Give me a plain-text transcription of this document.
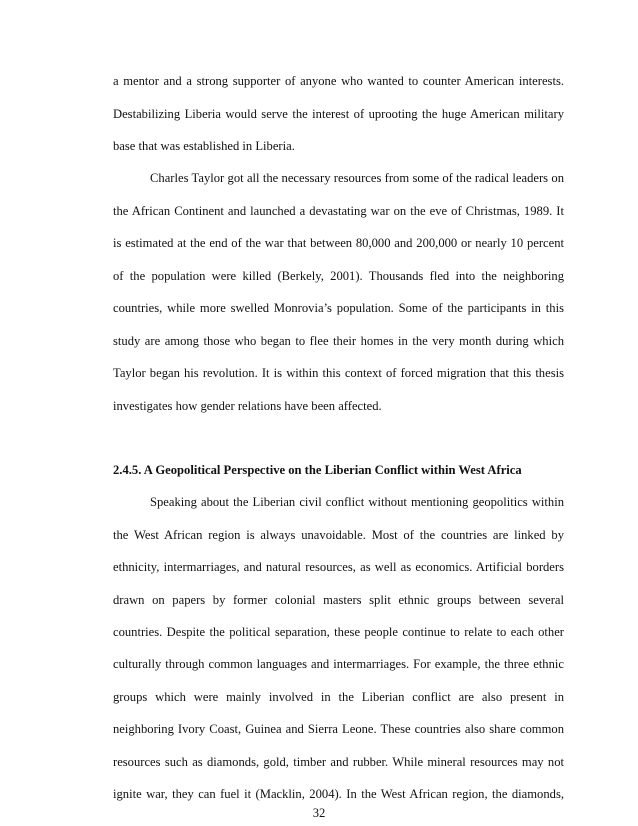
a mentor and a strong supporter of anyone who wanted to counter American interests.
Destabilizing Liberia would serve the interest of uprooting the huge American military
base that was established in Liberia.
Charles Taylor got all the necessary resources from some of the radical leaders on
the African Continent and launched a devastating war on the eve of Christmas, 1989. It
is estimated at the end of the war that between 80,000 and 200,000 or nearly 10 percent
of the population were killed (Berkely, 2001). Thousands fled into the neighboring
countries, while more swelled Monrovia’s population. Some of the participants in this
study are among those who began to flee their homes in the very month during which
Taylor began his revolution. It is within this context of forced migration that this thesis
investigates how gender relations have been affected.
2.4.5. A Geopolitical Perspective on the Liberian Conflict within West Africa
Speaking about the Liberian civil conflict without mentioning geopolitics within
the West African region is always unavoidable. Most of the countries are linked by
ethnicity, intermarriages, and natural resources, as well as economics. Artificial borders
drawn on papers by former colonial masters split ethnic groups between several
countries. Despite the political separation, these people continue to relate to each other
culturally through common languages and intermarriages. For example, the three ethnic
groups which were mainly involved in the Liberian conflict are also present in
neighboring Ivory Coast, Guinea and Sierra Leone. These countries also share common
resources such as diamonds, gold, timber and rubber. While mineral resources may not
ignite war, they can fuel it (Macklin, 2004). In the West African region, the diamonds,
32
